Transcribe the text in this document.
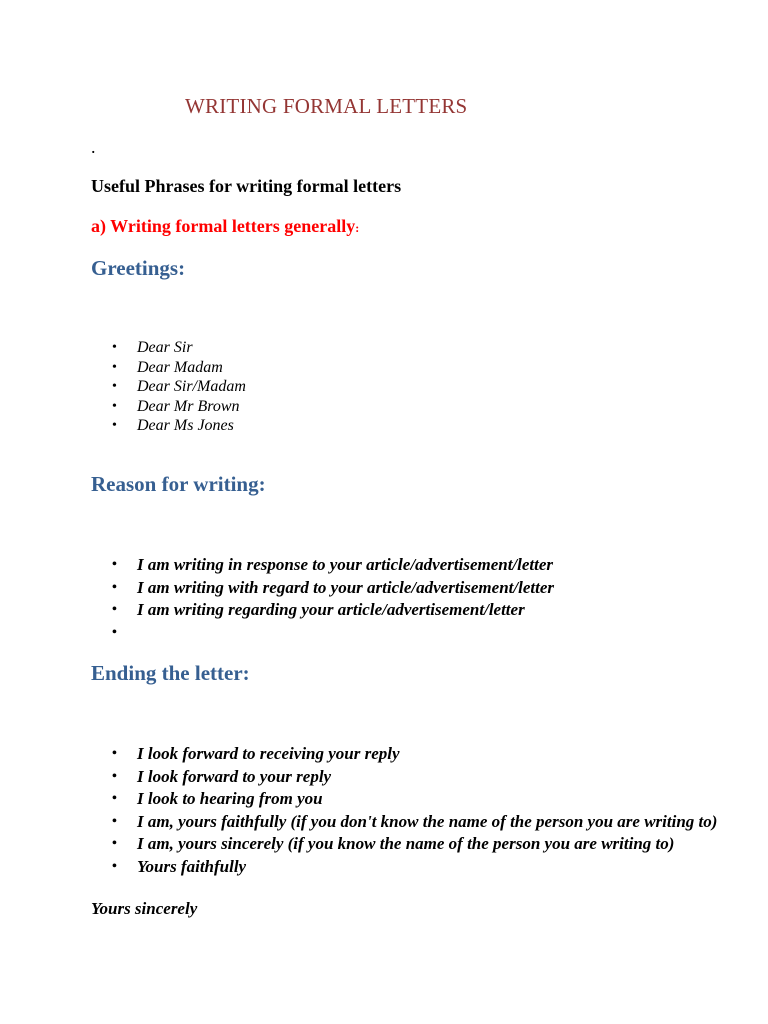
WRITING FORMAL LETTERS
.
Useful Phrases for writing formal letters
a) Writing formal letters generally:
Greetings:
• Dear Sir
• Dear Madam
• Dear Sir/Madam
• Dear Mr Brown
• Dear Ms Jones
Reason for writing:
• I am writing in response to your article/advertisement/letter
• I am writing with regard to your article/advertisement/letter
• I am writing regarding your article/advertisement/letter
•
Ending the letter:
• I look forward to receiving your reply
• I look forward to your reply
• I look to hearing from you
• I am, yours faithfully (if you don't know the name of the person you are writing to)
• I am, yours sincerely (if you know the name of the person you are writing to)
• Yours faithfully
Yours sincerely
